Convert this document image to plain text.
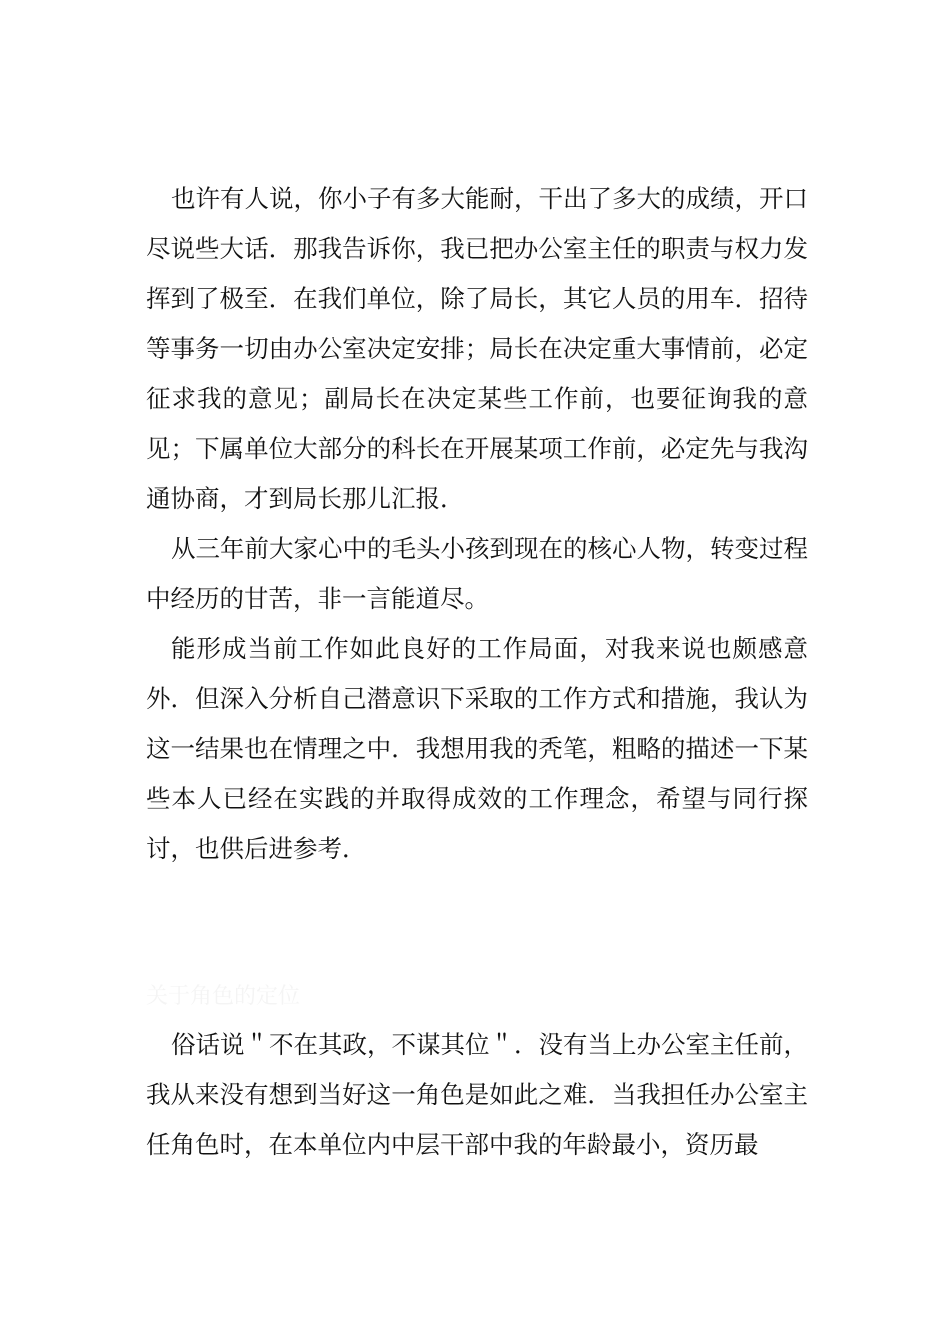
也许有人说，你小子有多大能耐，干出了多大的成绩，开口尽说些大话．那我告诉你，我已把办公室主任的职责与权力发挥到了极至．在我们单位，除了局长，其它人员的用车．招待等事务一切由办公室决定安排；局长在决定重大事情前，必定征求我的意见；副局长在决定某些工作前，也要征询我的意见；下属单位大部分的科长在开展某项工作前，必定先与我沟通协商，才到局长那儿汇报．

从三年前大家心中的毛头小孩到现在的核心人物，转变过程中经历的甘苦，非一言能道尽。

能形成当前工作如此良好的工作局面，对我来说也颇感意外．但深入分析自己潜意识下采取的工作方式和措施，我认为这一结果也在情理之中．我想用我的秃笔，粗略的描述一下某些本人已经在实践的并取得成效的工作理念，希望与同行探讨，也供后进参考．

关于角色的定位

俗话说＂不在其政，不谋其位＂．没有当上办公室主任前，我从来没有想到当好这一角色是如此之难．当我担任办公室主任角色时，在本单位内中层干部中我的年龄最小，资历最
